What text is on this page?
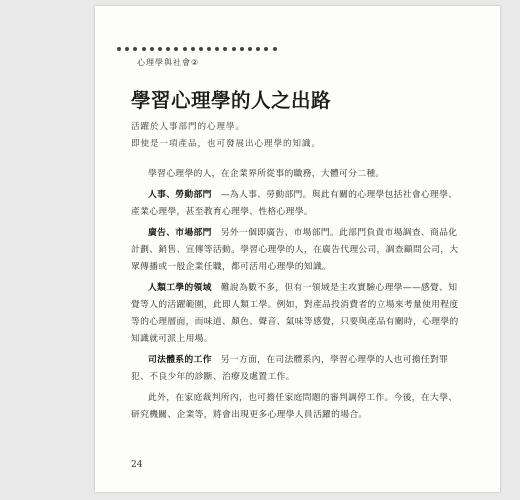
心理學與社會②
學習心理學的人之出路
活躍於人事部門的心理學。
即使是一項產品，也可發展出心理學的知識。

學習心理學的人，在企業界所從事的職務，大體可分二種。

人事、勞動部門　—為人事、勞動部門。與此有關的心理學包括社會心理學、產業心理學，甚至教育心理學、性格心理學。

廣告、市場部門　另外一個即廣告、市場部門。此部門負責市場調查、商品化計劃、銷售、宣傳等活動。學習心理學的人，在廣告代理公司，調查顧問公司，大眾傳播或一般企業任職，都可活用心理學的知識。

人類工學的領域　難說為數不多，但有一領域是主攻實驗心理學——感覺、知覺等人的活躍範圍，此即人類工學。例如，對產品投消費者的立場來考量使用程度等的心理層面，而味道、顏色、聲音、氣味等感覺，只要與產品有關時，心理學的知識就可派上用場。

司法體系的工作　另一方面，在司法體系內，學習心理學的人也可擔任對罪犯、不良少年的診斷、治療及處置工作。

此外，在家庭裁判所內，也可擔任家庭問題的審判調停工作。今後，在大學、研究機關、企業等，將會出現更多心理學人員活躍的場合。

24
